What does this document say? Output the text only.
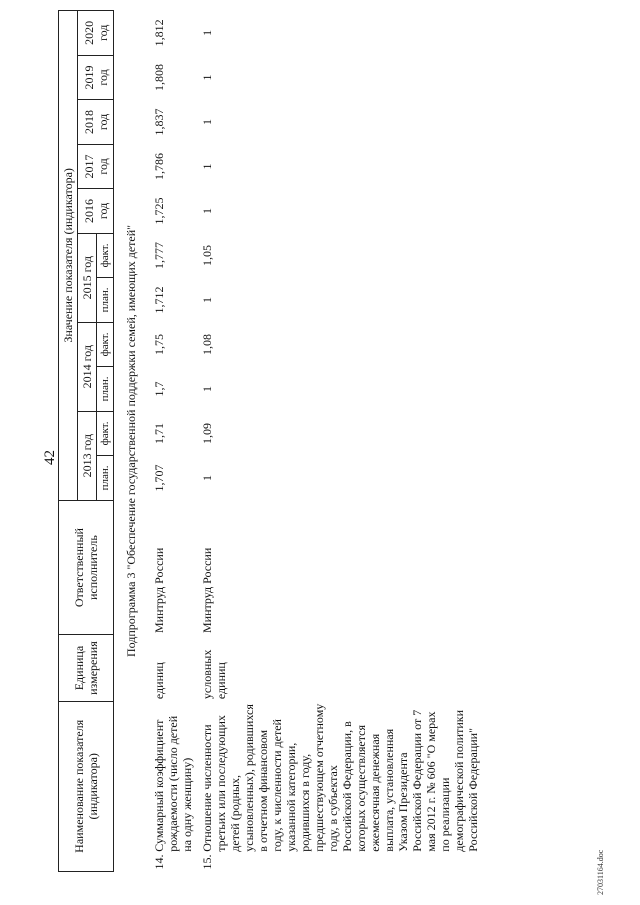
42
Наименование показателя (индикатора)		Единица измерения	Ответственный исполнитель	Значение показателя (индикатора)										
				2013 год		2014 год		2015 год		2016 год	2017 год	2018 год	2019 год	2020 год
				план.	факт.	план.	факт.	план.	факт.					
Подпрограмма 3 "Обеспечение государственной поддержки семей, имеющих детей"														
14.	Суммарный коэффициент рождаемости (число детей на одну женщину)	единиц	Минтруд России	1,707	1,71	1,7	1,75	1,712	1,777	1,725	1,786	1,837	1,808	1,812
15.	Отношение численности третьих или последующих детей (родных, усыновленных), родившихся в отчетном финансовом году, к численности детей указанной категории, родившихся в году, предшествующем отчетному году, в субъектах Российской Федерации, в которых осуществляется ежемесячная денежная выплата, установленная Указом Президента Российской Федерации от 7 мая 2012 г. № 606 "О мерах по реализации демографической политики Российской Федерации"	условных единиц	Минтруд России	1	1,09	1	1,08	1	1,05	1	1	1	1	1
27031164.doc
